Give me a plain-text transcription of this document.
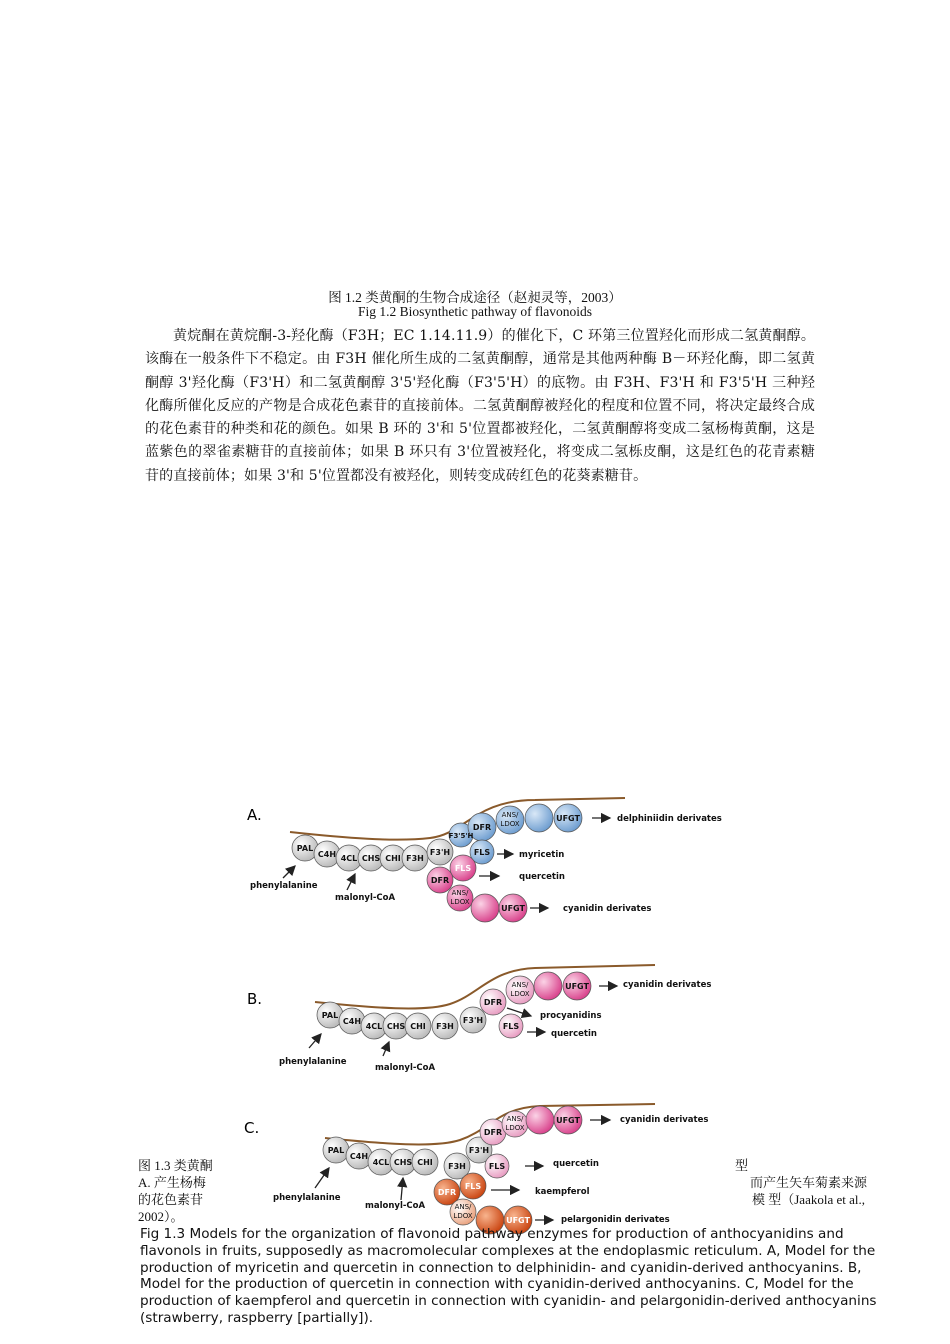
图 1.2 类黄酮的生物合成途径（赵昶灵等，2003）
Fig 1.2 Biosynthetic pathway of flavonoids

黄烷酮在黄烷酮-3-羟化酶（F3H；EC 1.14.11.9）的催化下，C 环第三位置羟化而形成二氢黄酮醇。该酶在一般条件下不稳定。由 F3H 催化所生成的二氢黄酮醇，通常是其他两种酶 B－环羟化酶，即二氢黄酮醇 3'羟化酶（F3'H）和二氢黄酮醇 3'5'羟化酶（F3'5'H）的底物。由 F3H、F3'H 和 F3'5'H 三种羟化酶所催化反应的产物是合成花色素苷的直接前体。二氢黄酮醇被羟化的程度和位置不同，将决定最终合成的花色素苷的种类和花的颜色。如果 B 环的 3'和 5'位置都被羟化，二氢黄酮醇将变成二氢杨梅黄酮，这是蓝紫色的翠雀素糖苷的直接前体；如果 B 环只有 3'位置被羟化，将变成二氢栎皮酮，这是红色的花青素糖苷的直接前体；如果 3'和 5'位置都没有被羟化，则转变成砖红色的花葵素糖苷。

A.
PAL
C4H 4CL CHS CHI F3H
F3'H
F3'5'H
DFR
ANS/
LDOX
UFGT
FLS
FLS
DFR
ANS/
LDOX
UFGT
delphiniidin derivates
myricetin
quercetin
cyanidin derivates
phenylalanine
malonyl-CoA
B.
PAL
C4H
4CL CHS CHI F3H
F3'H
DFR
ANS/
LDOX
UFGT
FLS
cyanidin derivates
procyanidins
quercetin
phenylalanine
malonyl-CoA
C.
PAL
C4H
4CL CHS CHI F3H
F3'H
FLS
DFR
ANS/
LDOX
UFGT
DFR
FLS
ANS/
LDOX	UFGT
cyanidin derivates
quercetin
kaempferol
pelargonidin derivates
phenylalanine
malonyl-CoA
图 1.3 类黄酮	型
A. 产生杨梅	而产生矢车菊素来源
的花色素苷	模 型（Jaakola et al.,
2002）。
Fig 1.3 Models for the organization of flavonoid pathway enzymes for production of anthocyanidins and flavonols in fruits, supposedly as macromolecular complexes at the endoplasmic reticulum. A, Model for the production of myricetin and quercetin in connection to delphinidin- and cyanidin-derived anthocyanins. B, Model for the production of quercetin in connection with cyanidin-derived anthocyanins. C, Model for the production of kaempferol and quercetin in connection with cyanidin- and pelargonidin-derived anthocyanins (strawberry, raspberry [partially]).
